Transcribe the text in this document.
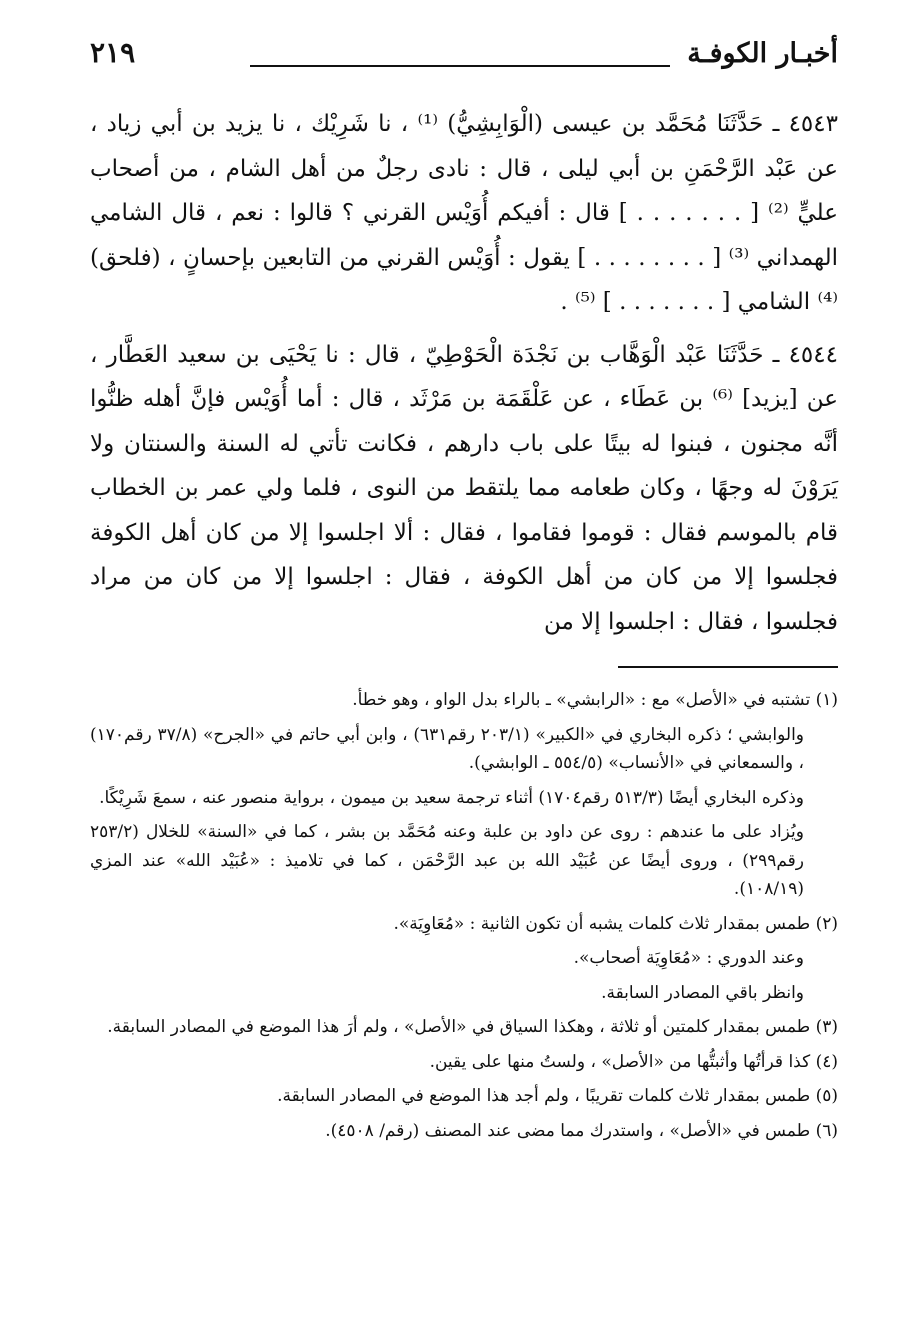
أخبـار الكوفـة
٢١٩

٤٥٤٣ ـ حَدَّثَنَا مُحَمَّد بن عيسى (الْوَابِشِيُّ) ⁽¹⁾ ، نا شَرِيْك ، نا يزيد بن أبي زياد ، عن عَبْد الرَّحْمَنِ بن أبي ليلى ، قال : نادى رجلٌ من أهل الشام ، من أصحاب عليٍّ ⁽²⁾ [ . . . . . . . ] قال : أفيكم أُوَيْس القرني ؟ قالوا : نعم ، قال الشامي الهمداني ⁽³⁾ [ . . . . . . . . ] يقول : أُوَيْس القرني من التابعين بإحسانٍ ، (فلحق) ⁽⁴⁾ الشامي [ . . . . . . . ] ⁽⁵⁾ .

٤٥٤٤ ـ حَدَّثَنَا عَبْد الْوَهَّاب بن نَجْدَة الْحَوْطِيّ ، قال : نا يَحْيَى بن سعيد العَطَّار ، عن [يزيد] ⁽⁶⁾ بن عَطَاء ، عن عَلْقَمَة بن مَرْثَد ، قال : أما أُوَيْس فإنَّ أهله ظنُّوا أنَّه مجنون ، فبنوا له بيتًا على باب دارهم ، فكانت تأتي له السنة والسنتان ولا يَرَوْنَ له وجهًا ، وكان طعامه مما يلتقط من النوى ، فلما ولي عمر بن الخطاب قام بالموسم فقال : قوموا فقاموا ، فقال : ألا اجلسوا إلا من كان أهل الكوفة فجلسوا إلا من كان من أهل الكوفة ، فقال : اجلسوا إلا من كان من مراد فجلسوا ، فقال : اجلسوا إلا من

(١) تشتبه في «الأصل» مع : «الرابشي» ـ بالراء بدل الواو ، وهو خطأ.

والوابشي ؛ ذكره البخاري في «الكبير» (٢٠٣/١ رقم٦٣١) ، وابن أبي حاتم في «الجرح» (٣٧/٨ رقم١٧٠) ، والسمعاني في «الأنساب» (٥٥٤/٥ ـ الوابشي).

وذكره البخاري أيضًا (٥١٣/٣ رقم١٧٠٤) أثناء ترجمة سعيد بن ميمون ، برواية منصور عنه ، سمعَ شَرِيْكًا.

ويُزاد على ما عندهم : روى عن داود بن علبة وعنه مُحَمَّد بن بشر ، كما في «السنة» للخلال (٢٥٣/٢ رقم٢٩٩) ، وروى أيضًا عن عُبَيْد الله بن عبد الرَّحْمَن ، كما في تلاميذ : «عُبَيْد الله» عند المزي (١٠٨/١٩).

(٢) طمس بمقدار ثلاث كلمات يشبه أن تكون الثانية : «مُعَاوِيَة».

وعند الدوري : «مُعَاوِيَة أصحاب».

وانظر باقي المصادر السابقة.

(٣) طمس بمقدار كلمتين أو ثلاثة ، وهكذا السياق في «الأصل» ، ولم أرَ هذا الموضع في المصادر السابقة.

(٤) كذا قرأتُها وأثبتُّها من «الأصل» ، ولستُ منها على يقين.

(٥) طمس بمقدار ثلاث كلمات تقريبًا ، ولم أجد هذا الموضع في المصادر السابقة.

(٦) طمس في «الأصل» ، واستدرك مما مضى عند المصنف (رقم/ ٤٥٠٨).
